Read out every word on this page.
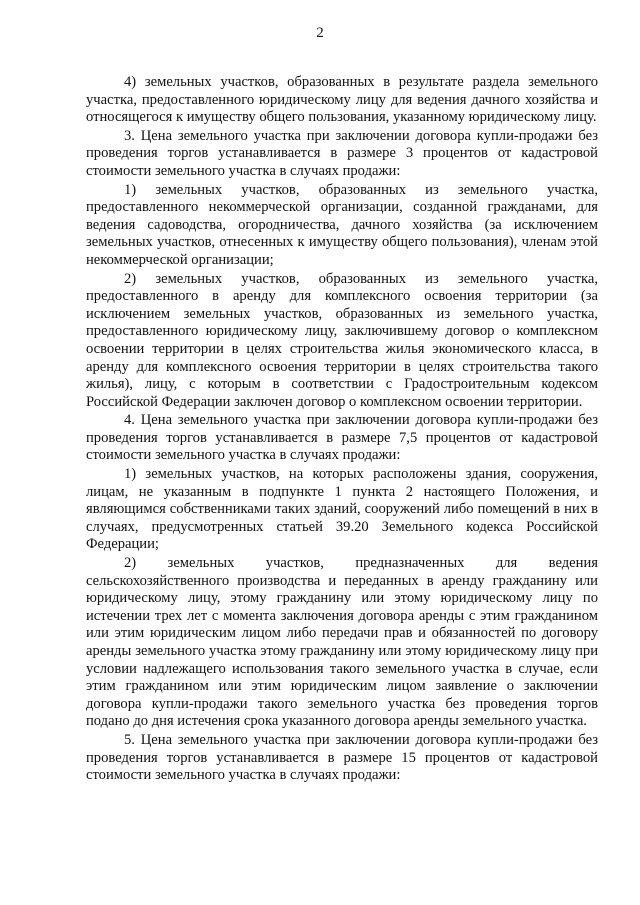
2

4) земельных участков, образованных в результате раздела земельного участка, предоставленного юридическому лицу для ведения дачного хозяйства и относящегося к имуществу общего пользования, указанному юридическому лицу.

3. Цена земельного участка при заключении договора купли-продажи без проведения торгов устанавливается в размере 3 процентов от кадастровой стоимости земельного участка в случаях продажи:

1) земельных участков, образованных из земельного участка, предоставленного некоммерческой организации, созданной гражданами, для ведения садоводства, огородничества, дачного хозяйства (за исключением земельных участков, отнесенных к имуществу общего пользования), членам этой некоммерческой организации;

2) земельных участков, образованных из земельного участка, предоставленного в аренду для комплексного освоения территории (за исключением земельных участков, образованных из земельного участка, предоставленного юридическому лицу, заключившему договор о комплексном освоении территории в целях строительства жилья экономического класса, в аренду для комплексного освоения территории в целях строительства такого жилья), лицу, с которым в соответствии с Градостроительным кодексом Российской Федерации заключен договор о комплексном освоении территории.

4. Цена земельного участка при заключении договора купли-продажи без проведения торгов устанавливается в размере 7,5 процентов от кадастровой стоимости земельного участка в случаях продажи:

1) земельных участков, на которых расположены здания, сооружения, лицам, не указанным в подпункте 1 пункта 2 настоящего Положения, и являющимся собственниками таких зданий, сооружений либо помещений в них в случаях, предусмотренных статьей 39.20 Земельного кодекса Российской Федерации;

2) земельных участков, предназначенных для ведения сельскохозяйственного производства и переданных в аренду гражданину или юридическому лицу, этому гражданину или этому юридическому лицу по истечении трех лет с момента заключения договора аренды с этим гражданином или этим юридическим лицом либо передачи прав и обязанностей по договору аренды земельного участка этому гражданину или этому юридическому лицу при условии надлежащего использования такого земельного участка в случае, если этим гражданином или этим юридическим лицом заявление о заключении договора купли-продажи такого земельного участка без проведения торгов подано до дня истечения срока указанного договора аренды земельного участка.

5. Цена земельного участка при заключении договора купли-продажи без проведения торгов устанавливается в размере 15 процентов от кадастровой стоимости земельного участка в случаях продажи:
